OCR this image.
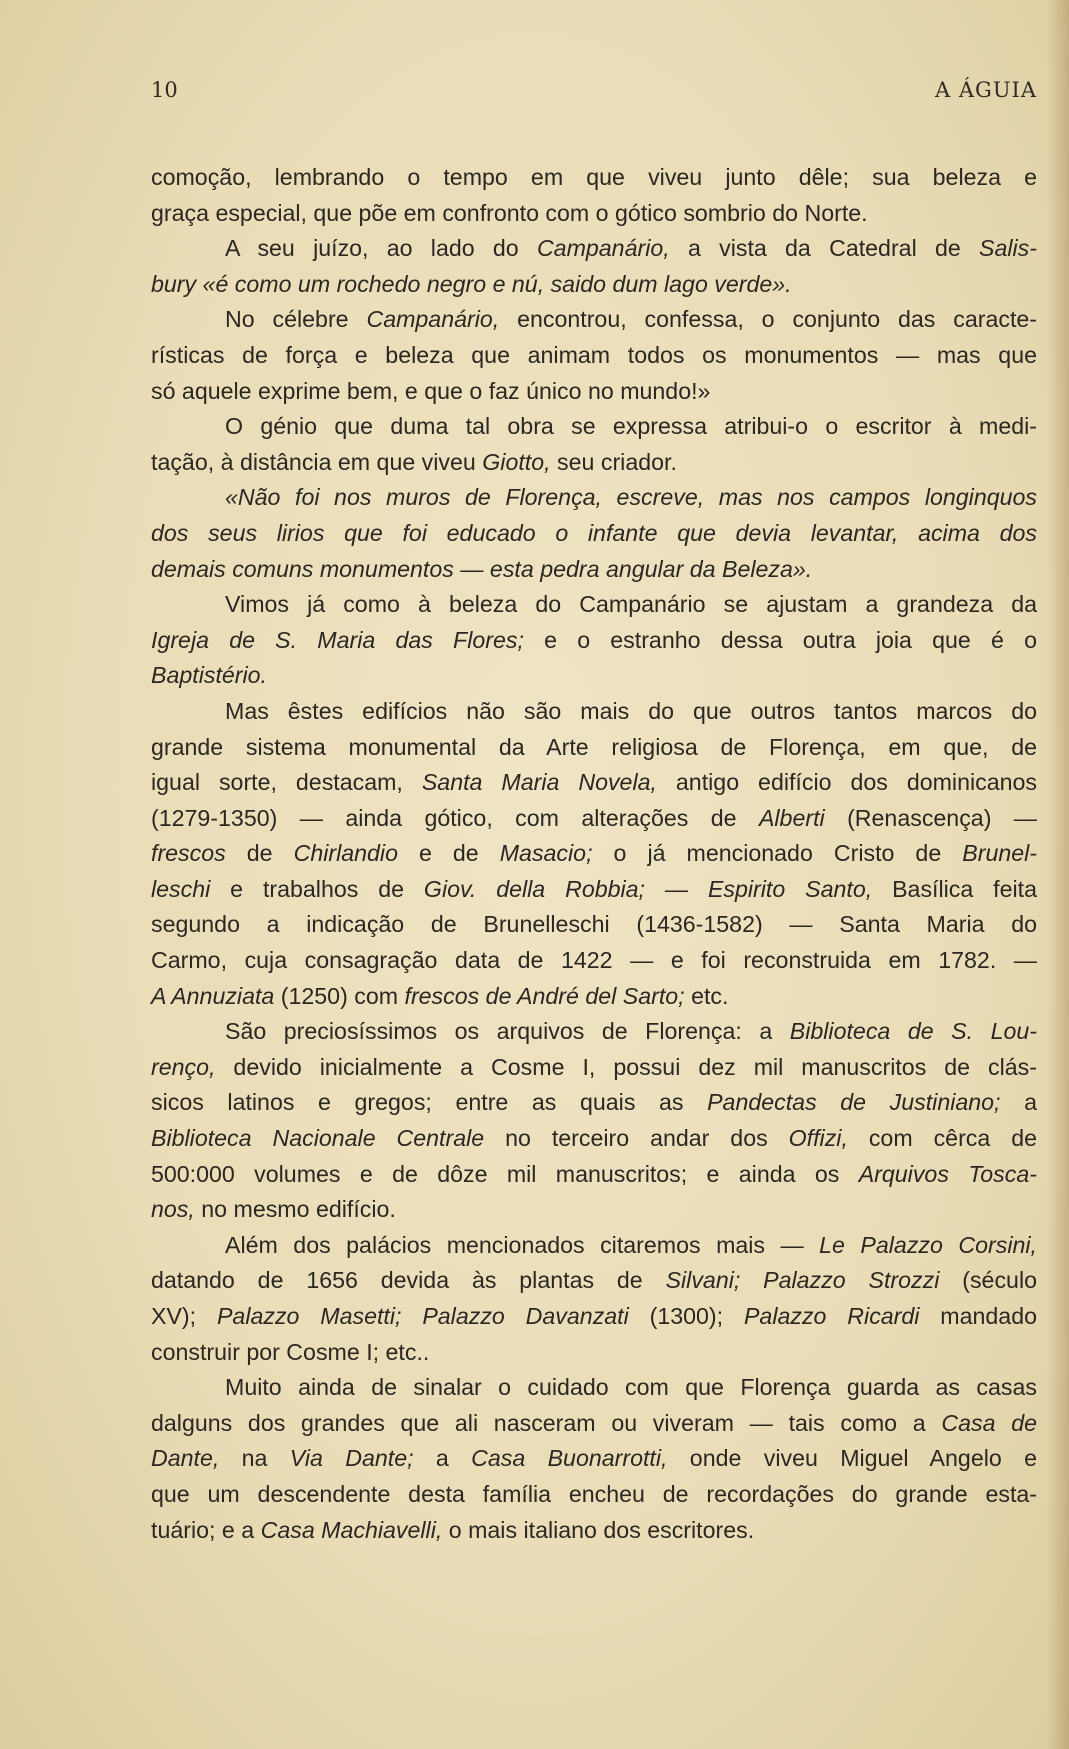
10	A ÁGUIA

comoção, lembrando o tempo em que viveu junto dêle; sua beleza e
graça especial, que põe em confronto com o gótico sombrio do Norte.

A seu juízo, ao lado do Campanário, a vista da Catedral de Salis-
bury «é como um rochedo negro e nú, saido dum lago verde».

No célebre Campanário, encontrou, confessa, o conjunto das caracte-
rísticas de força e beleza que animam todos os monumentos — mas que
só aquele exprime bem, e que o faz único no mundo!»

O génio que duma tal obra se expressa atribui-o o escritor à medi-
tação, à distância em que viveu Giotto, seu criador.

«Não foi nos muros de Florença, escreve, mas nos campos longinquos
dos seus lirios que foi educado o infante que devia levantar, acima dos
demais comuns monumentos — esta pedra angular da Beleza».

Vimos já como à beleza do Campanário se ajustam a grandeza da
Igreja de S. Maria das Flores; e o estranho dessa outra joia que é o
Baptistério.

Mas êstes edifícios não são mais do que outros tantos marcos do
grande sistema monumental da Arte religiosa de Florença, em que, de
igual sorte, destacam, Santa Maria Novela, antigo edifício dos dominicanos
(1279-1350) — ainda gótico, com alterações de Alberti (Renascença) —
frescos de Chirlandio e de Masacio; o já mencionado Cristo de Brunel-
leschi e trabalhos de Giov. della Robbia; — Espirito Santo, Basílica feita
segundo a indicação de Brunelleschi (1436-1582) — Santa Maria do
Carmo, cuja consagração data de 1422 — e foi reconstruida em 1782. —
A Annuziata (1250) com frescos de André del Sarto; etc.

São preciosíssimos os arquivos de Florença: a Biblioteca de S. Lou-
renço, devido inicialmente a Cosme I, possui dez mil manuscritos de clás-
sicos latinos e gregos; entre as quais as Pandectas de Justiniano; a
Biblioteca Nacionale Centrale no terceiro andar dos Offizi, com cêrca de
500:000 volumes e de dôze mil manuscritos; e ainda os Arquivos Tosca-
nos, no mesmo edifício.

Além dos palácios mencionados citaremos mais — Le Palazzo Corsini,
datando de 1656 devida às plantas de Silvani; Palazzo Strozzi (século
XV); Palazzo Masetti; Palazzo Davanzati (1300); Palazzo Ricardi mandado
construir por Cosme I; etc..

Muito ainda de sinalar o cuidado com que Florença guarda as casas
dalguns dos grandes que ali nasceram ou viveram — tais como a Casa de
Dante, na Via Dante; a Casa Buonarrotti, onde viveu Miguel Angelo e
que um descendente desta família encheu de recordações do grande esta-
tuário; e a Casa Machiavelli, o mais italiano dos escritores.
